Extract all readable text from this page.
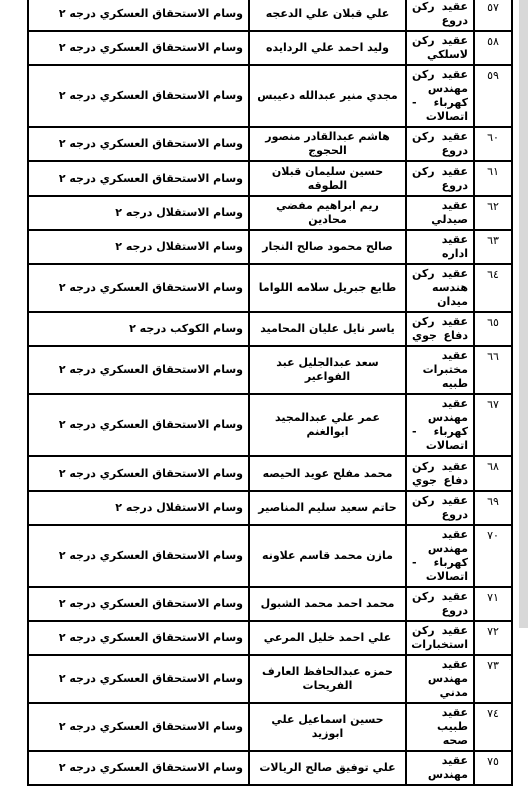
٥٧	عقيد ركن دروع	علي قبلان علي الدعجه	وسام الاستحقاق العسكري درجه ٢
٥٨	عقيد ركن لاسلكي	وليد احمد علي الردايده	وسام الاستحقاق العسكري درجه ٢
٥٩	عقيد ركن مهندس كهرباء - اتصالات	مجدي منير عبدالله دعيبس	وسام الاستحقاق العسكري درجه ٢
٦٠	عقيد ركن دروع	هاشم عبدالقادر منصور الحجوج	وسام الاستحقاق العسكري درجه ٢
٦١	عقيد ركن دروع	حسين سليمان قبلان الطوقه	وسام الاستحقاق العسكري درجه ٢
٦٢	عقيد صيدلي	ريم ابراهيم مفضي محادين	وسام الاستقلال درجه ٢
٦٣	عقيد اداره	صالح محمود صالح النجار	وسام الاستقلال درجه ٢
٦٤	عقيد ركن هندسه ميدان	طايع جبريل سلامه اللواما	وسام الاستحقاق العسكري درجه ٢
٦٥	عقيد ركن دفاع جوي	ياسر نايل عليان المحاميد	وسام الكوكب درجه ٢
٦٦	عقيد مختبرات طبيه	سعد عبدالجليل عبد الفواعير	وسام الاستحقاق العسكري درجه ٢
٦٧	عقيد مهندس كهرباء - اتصالات	عمر علي عبدالمجيد ابوالغنم	وسام الاستحقاق العسكري درجه ٢
٦٨	عقيد ركن دفاع جوي	محمد مفلح عويد الحيصه	وسام الاستحقاق العسكري درجه ٢
٦٩	عقيد ركن دروع	حاتم سعيد سليم المناصير	وسام الاستقلال درجه ٢
٧٠	عقيد مهندس كهرباء - اتصالات	مازن محمد قاسم علاونه	وسام الاستحقاق العسكري درجه ٢
٧١	عقيد ركن دروع	محمد احمد محمد الشبول	وسام الاستحقاق العسكري درجه ٢
٧٢	عقيد ركن استخبارات	علي احمد خليل المرعي	وسام الاستحقاق العسكري درجه ٢
٧٣	عقيد مهندس مدني	حمزه عبدالحافظ العارف الفريحات	وسام الاستحقاق العسكري درجه ٢
٧٤	عقيد طبيب صحه	حسين اسماعيل علي ابوزيد	وسام الاستحقاق العسكري درجه ٢
٧٥	عقيد مهندس	علي توفيق صالح الريالات	وسام الاستحقاق العسكري درجه ٢
